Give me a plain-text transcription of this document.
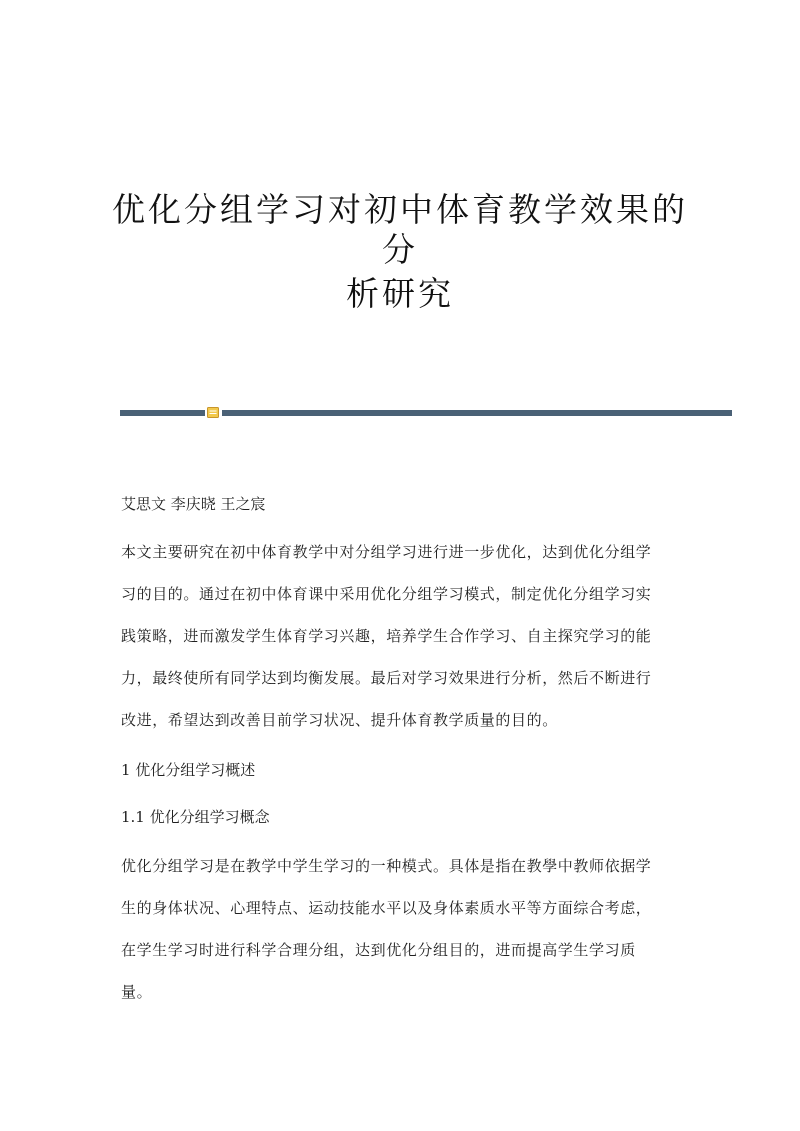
优化分组学习对初中体育教学效果的分
析研究

艾思文 李庆晓 王之宸

本文主要研究在初中体育教学中对分组学习进行进一步优化，达到优化分组学

习的目的。通过在初中体育课中采用优化分组学习模式，制定优化分组学习实

践策略，进而激发学生体育学习兴趣，培养学生合作学习、自主探究学习的能

力，最终使所有同学达到均衡发展。最后对学习效果进行分析，然后不断进行

改进，希望达到改善目前学习状况、提升体育教学质量的目的。

1 优化分组学习概述

1.1 优化分组学习概念

优化分组学习是在教学中学生学习的一种模式。具体是指在教學中教师依据学

生的身体状况、心理特点、运动技能水平以及身体素质水平等方面综合考虑，

在学生学习时进行科学合理分组，达到优化分组目的，进而提高学生学习质

量。
